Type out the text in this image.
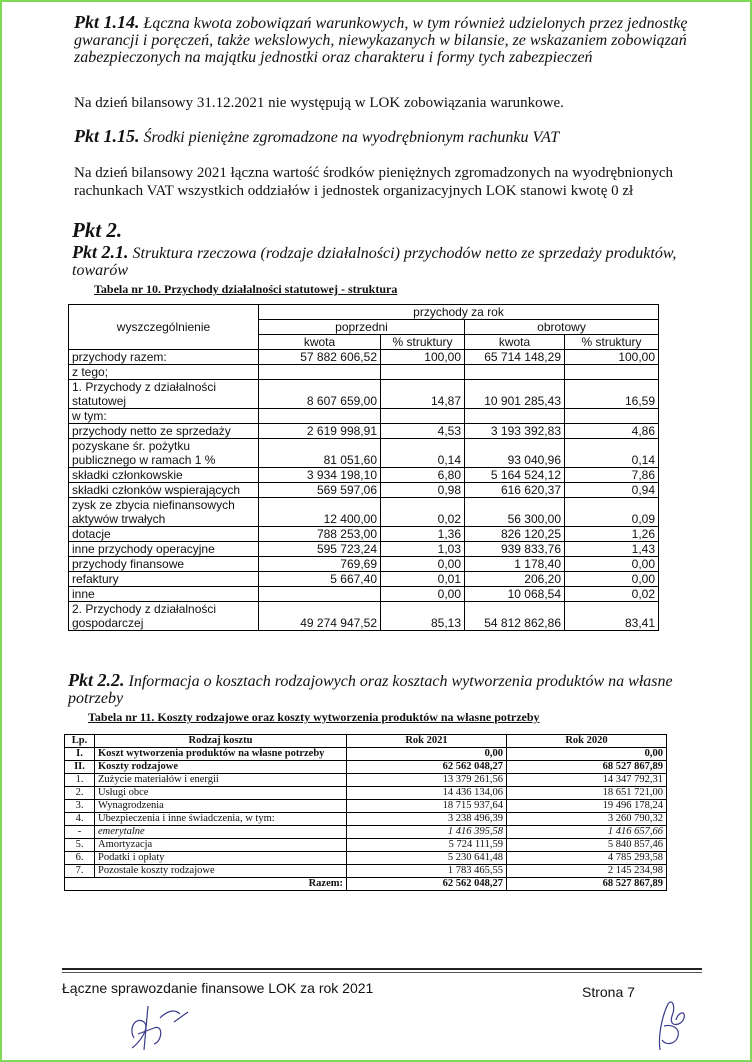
Pkt 1.14. Łączna kwota zobowiązań warunkowych, w tym również udzielonych przez jednostkę gwarancji i poręczeń, także wekslowych, niewykazanych w bilansie, ze wskazaniem zobowiązań zabezpieczonych na majątku jednostki oraz charakteru i formy tych zabezpieczeń
Na dzień bilansowy 31.12.2021 nie występują w LOK zobowiązania warunkowe.
Pkt 1.15. Środki pieniężne zgromadzone na wyodrębnionym rachunku VAT
Na dzień bilansowy 2021 łączna wartość środków pieniężnych zgromadzonych na wyodrębnionych rachunkach VAT wszystkich oddziałów i jednostek organizacyjnych LOK stanowi kwotę 0 zł
Pkt 2.
Pkt 2.1. Struktura rzeczowa (rodzaje działalności) przychodów netto ze sprzedaży produktów, towarów
Tabela nr 10. Przychody działalności statutowej - struktura
wyszczególnienie	przychody za rok			
	poprzedni		obrotowy	
	kwota	% struktury	kwota	% struktury
przychody razem:	57 882 606,52	100,00	65 714 148,29	100,00
z tego;				
1. Przychody z działalności statutowej	8 607 659,00	14,87	10 901 285,43	16,59
w tym:				
przychody netto ze sprzedaży	2 619 998,91	4,53	3 193 392,83	4,86
pozyskane śr. pożytku publicznego w ramach 1 %	81 051,60	0,14	93 040,96	0,14
składki członkowskie	3 934 198,10	6,80	5 164 524,12	7,86
składki członków wspierających	569 597,06	0,98	616 620,37	0,94
zysk ze zbycia niefinansowych aktywów trwałych	12 400,00	0,02	56 300,00	0,09
dotacje	788 253,00	1,36	826 120,25	1,26
inne przychody operacyjne	595 723,24	1,03	939 833,76	1,43
przychody finansowe	769,69	0,00	1 178,40	0,00
refaktury	5 667,40	0,01	206,20	0,00
inne		0,00	10 068,54	0,02
2. Przychody z działalności gospodarczej	49 274 947,52	85,13	54 812 862,86	83,41
Pkt 2.2. Informacja o kosztach rodzajowych oraz kosztach wytworzenia produktów na własne potrzeby
Tabela nr 11. Koszty rodzajowe oraz koszty wytworzenia produktów na własne potrzeby
Lp.	Rodzaj kosztu	Rok 2021	Rok 2020
I.	Koszt wytworzenia produktów na własne potrzeby	0,00	0,00
II.	Koszty rodzajowe	62 562 048,27	68 527 867,89
1.	Zużycie materiałów i energii	13 379 261,56	14 347 792,31
2.	Usługi obce	14 436 134,06	18 651 721,00
3.	Wynagrodzenia	18 715 937,64	19 496 178,24
4.	Ubezpieczenia i inne świadczenia, w tym:	3 238 496,39	3 260 790,32
-	emerytalne	1 416 395,58	1 416 657,66
5.	Amortyzacja	5 724 111,59	5 840 857,46
6.	Podatki i opłaty	5 230 641,48	4 785 293,58
7.	Pozostałe koszty rodzajowe	1 783 465,55	2 145 234,98
Razem:		62 562 048,27	68 527 867,89
Łączne sprawozdanie finansowe LOK za rok 2021	Strona 7
